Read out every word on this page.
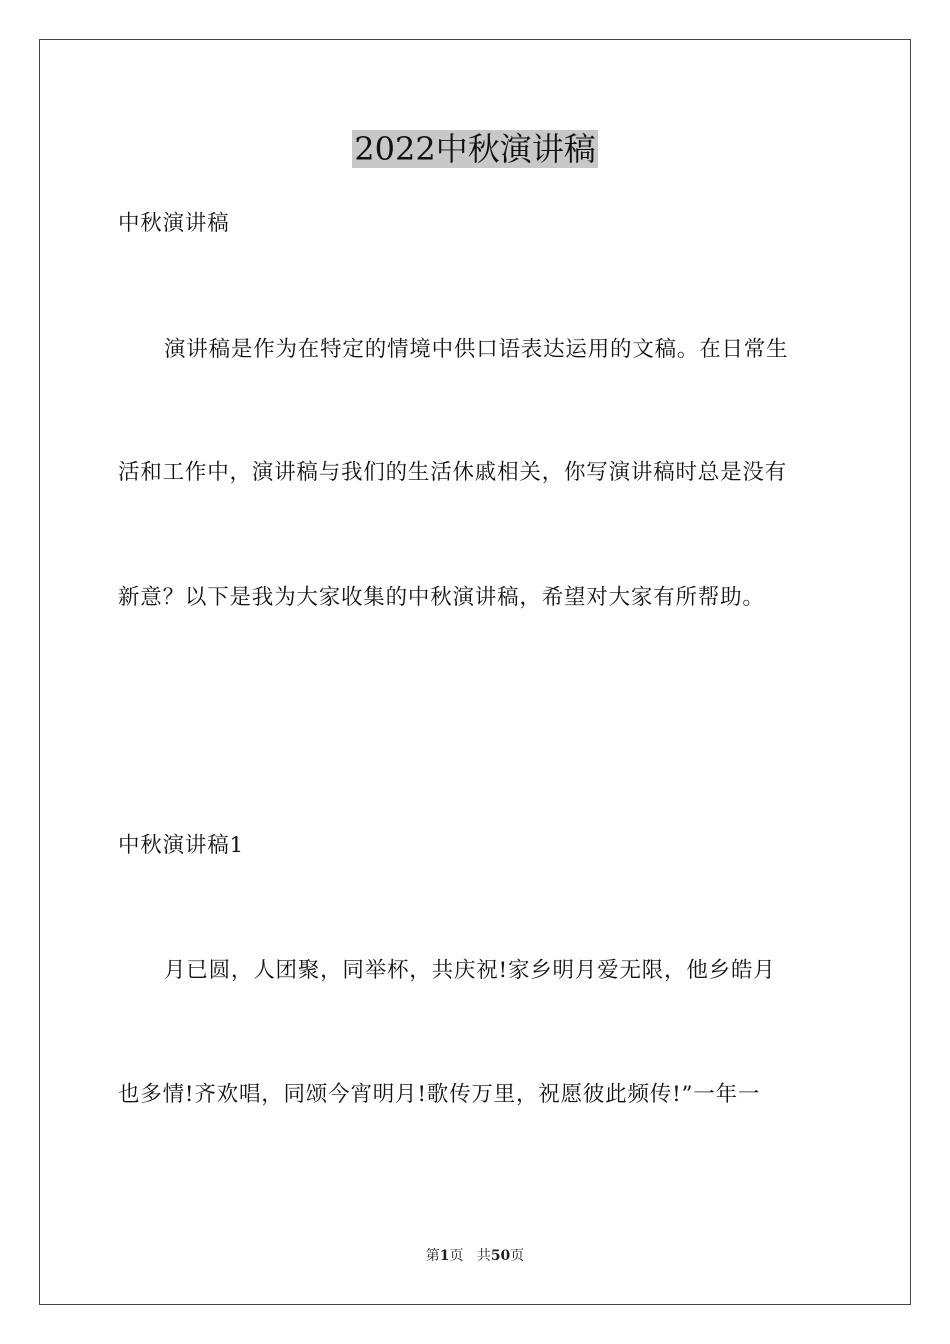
2022中秋演讲稿
中秋演讲稿
演讲稿是作为在特定的情境中供口语表达运用的文稿。在日常生
活和工作中，演讲稿与我们的生活休戚相关，你写演讲稿时总是没有
新意？以下是我为大家收集的中秋演讲稿，希望对大家有所帮助。
中秋演讲稿1
月已圆，人团聚，同举杯，共庆祝!家乡明月爱无限，他乡皓月
也多情!齐欢唱，同颂今宵明月!歌传万里，祝愿彼此频传!”一年一
第1页 共50页
